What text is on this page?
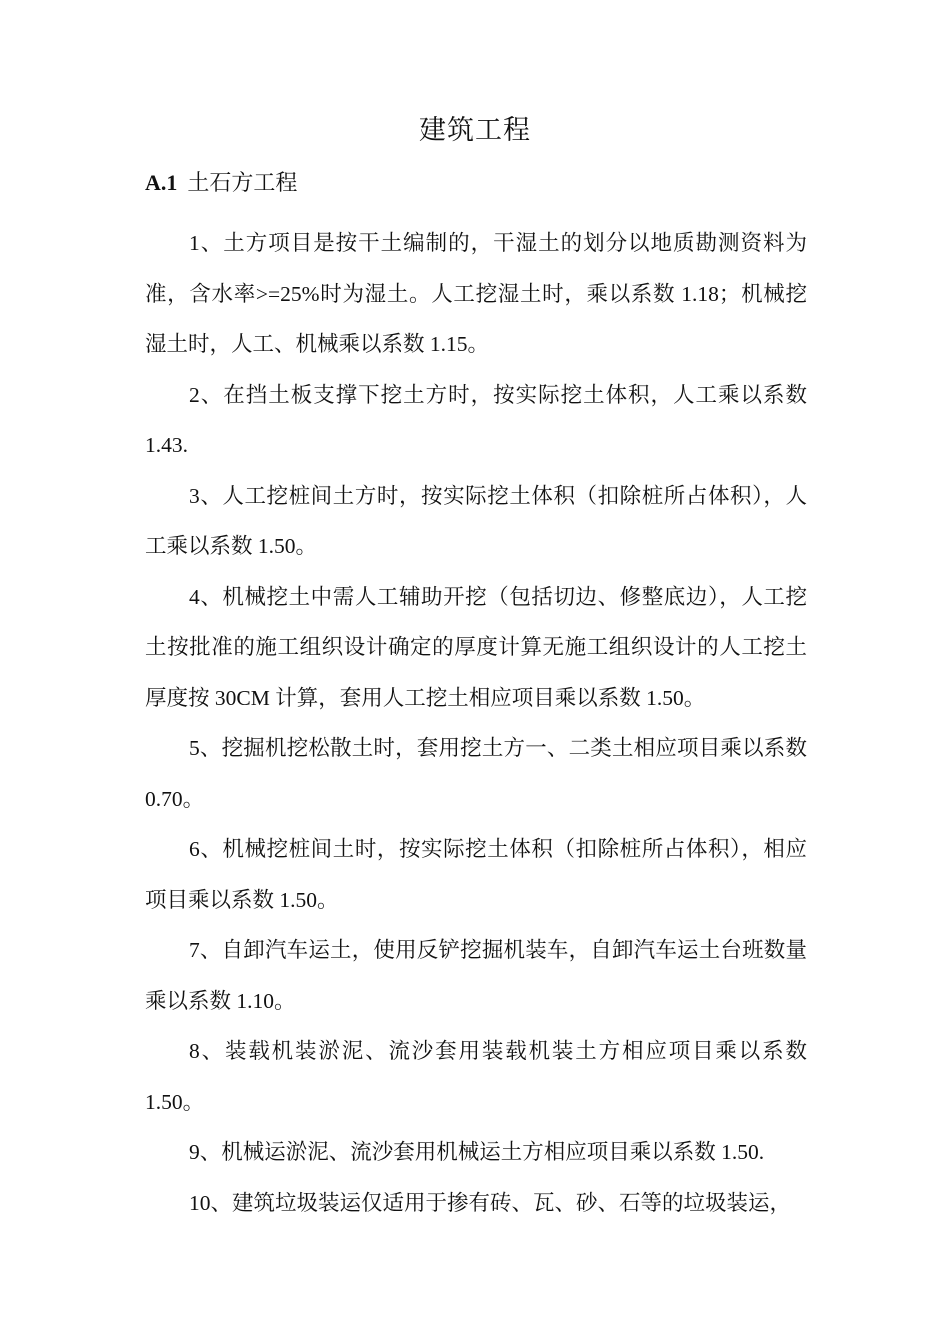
建筑工程
A.1 土石方工程

1、土方项目是按干土编制的，干湿土的划分以地质勘测资料为准，含水率>=25%时为湿土。人工挖湿土时，乘以系数 1.18；机械挖湿土时，人工、机械乘以系数 1.15。

2、在挡土板支撑下挖土方时，按实际挖土体积，人工乘以系数 1.43.

3、人工挖桩间土方时，按实际挖土体积（扣除桩所占体积），人工乘以系数 1.50。

4、机械挖土中需人工辅助开挖（包括切边、修整底边），人工挖土按批准的施工组织设计确定的厚度计算无施工组织设计的人工挖土厚度按 30CM 计算，套用人工挖土相应项目乘以系数 1.50。

5、挖掘机挖松散土时，套用挖土方一、二类土相应项目乘以系数 0.70。

6、机械挖桩间土时，按实际挖土体积（扣除桩所占体积），相应项目乘以系数 1.50。

7、自卸汽车运土，使用反铲挖掘机装车，自卸汽车运土台班数量乘以系数 1.10。

8、装载机装淤泥、流沙套用装载机装土方相应项目乘以系数 1.50。

9、机械运淤泥、流沙套用机械运土方相应项目乘以系数 1.50.

10、建筑垃圾装运仅适用于掺有砖、瓦、砂、石等的垃圾装运，
